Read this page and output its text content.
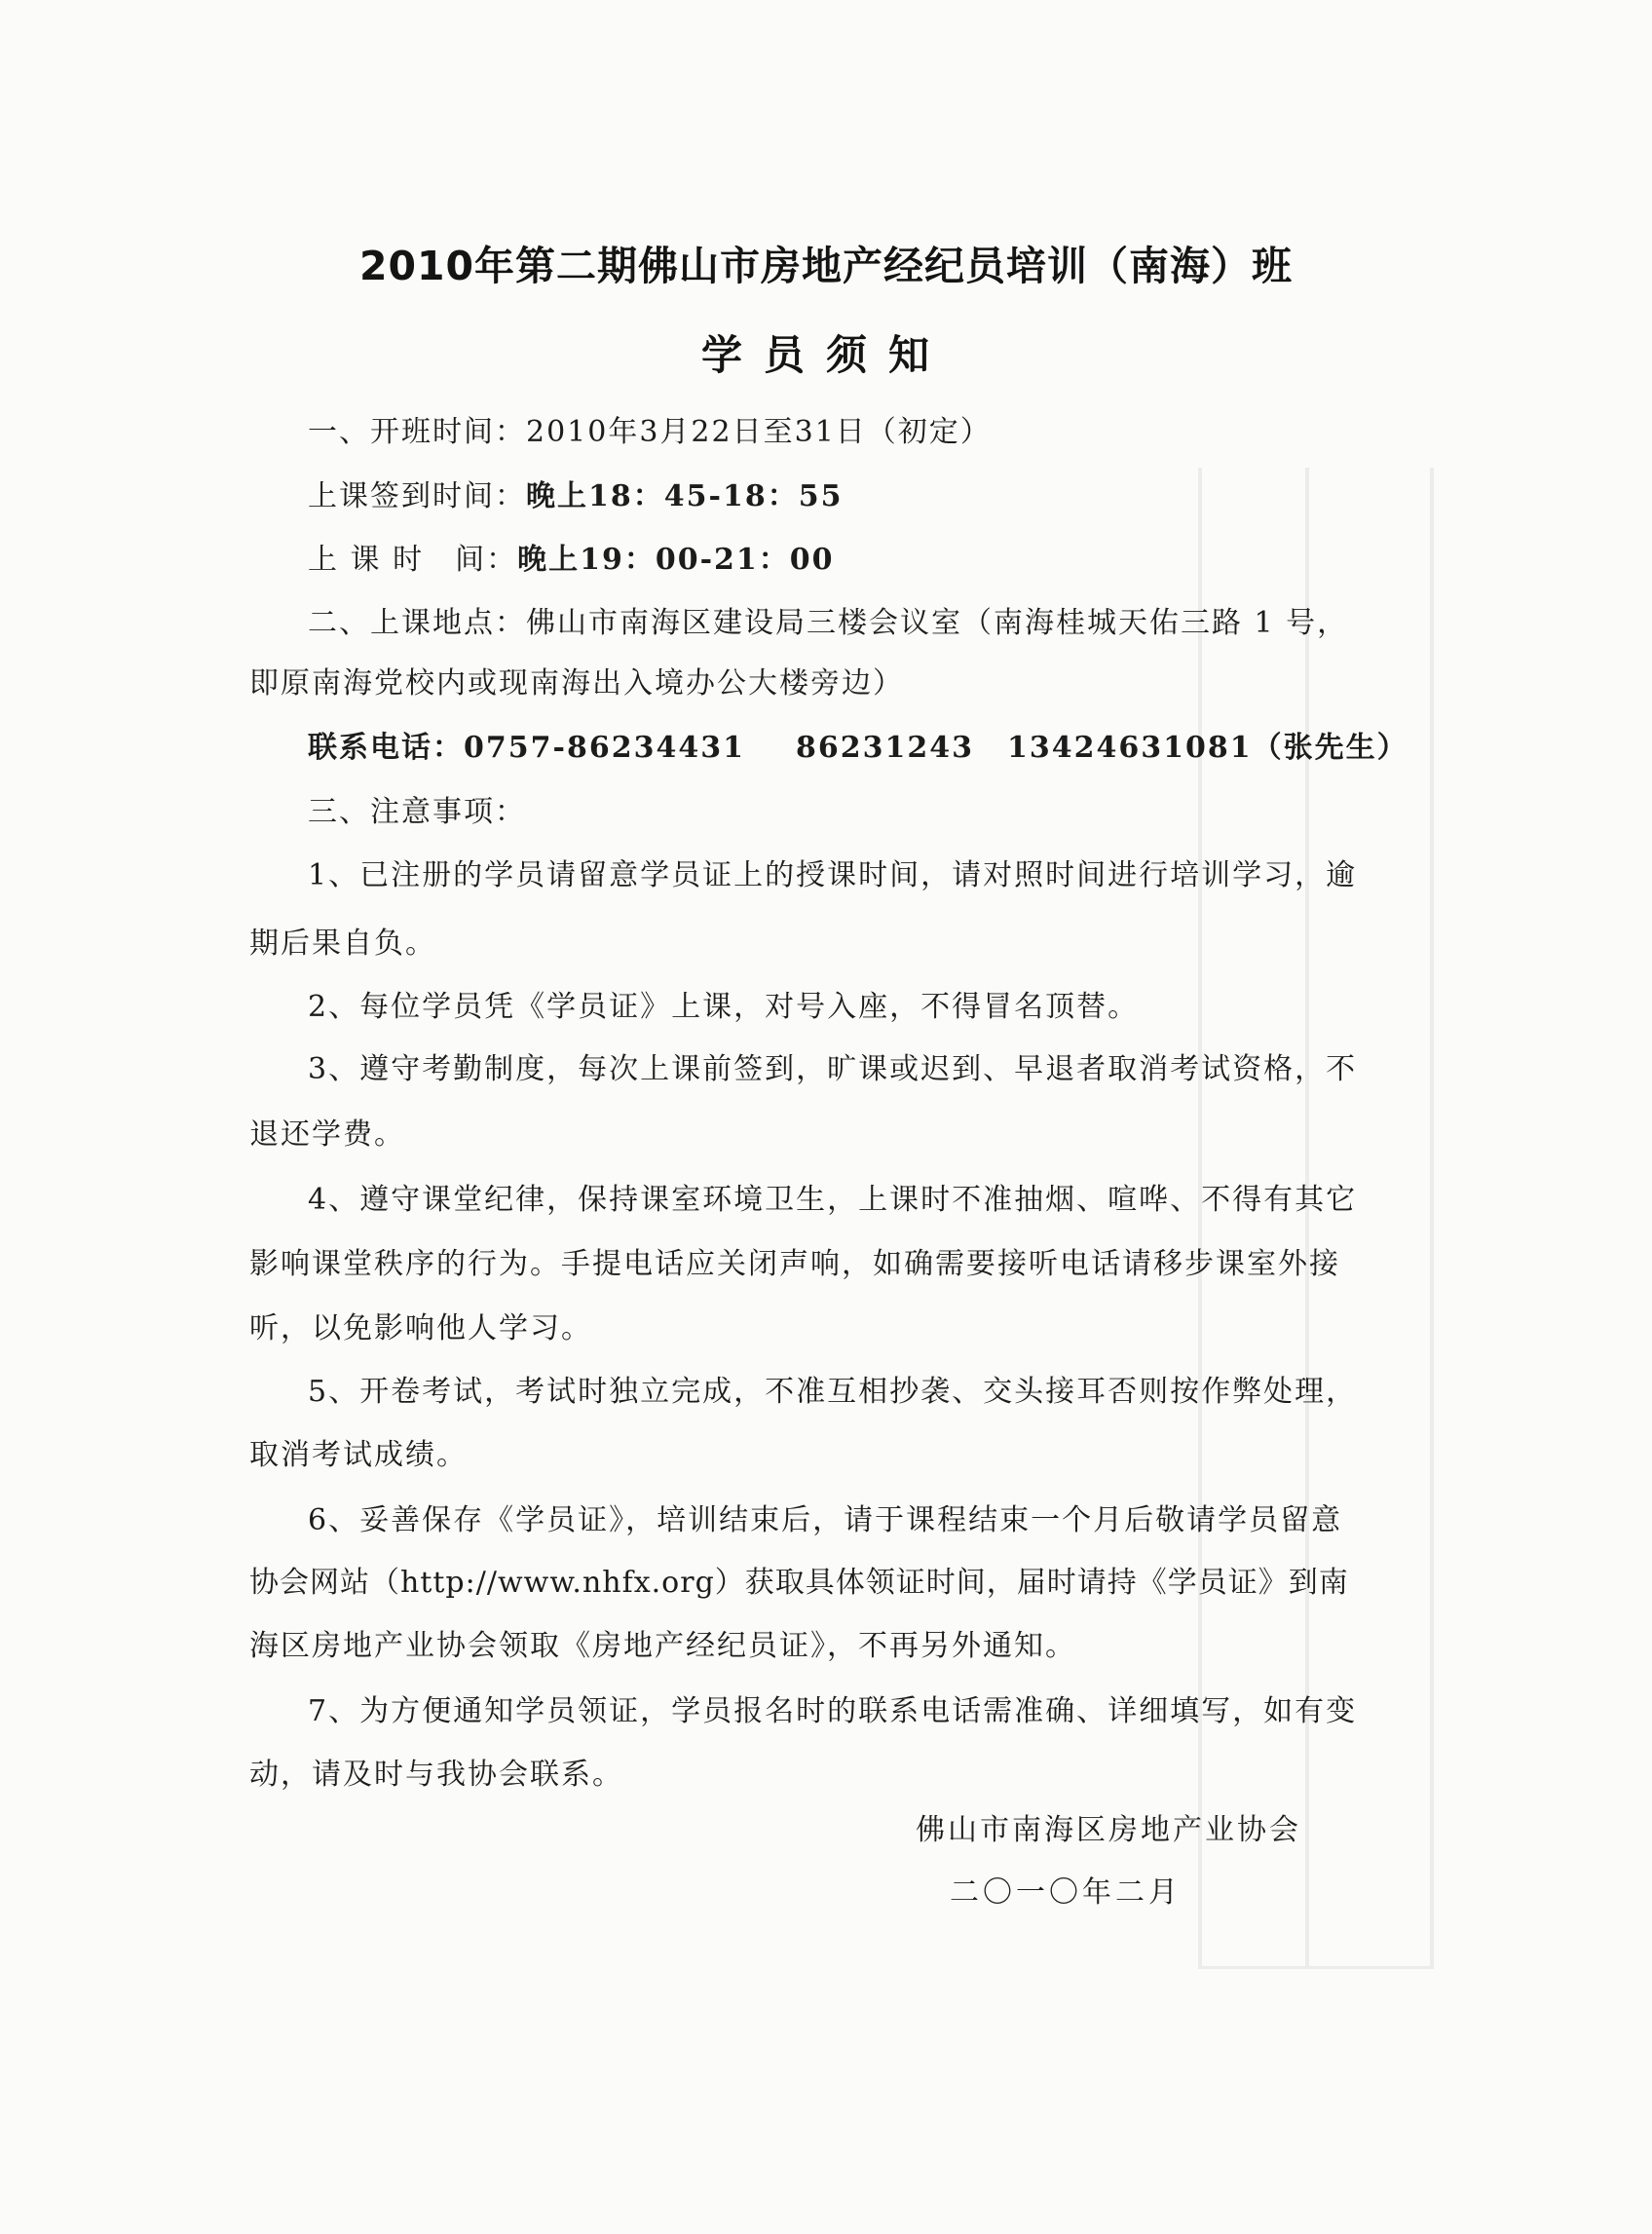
2010年第二期佛山市房地产经纪员培训（南海）班
学员须知
一、开班时间：2010年3月22日至31日（初定）
上课签到时间：晚上18：45-18：55
上 课 时　间：晚上19：00-21：00
二、上课地点：佛山市南海区建设局三楼会议室（南海桂城天佑三路 1 号，
即原南海党校内或现南海出入境办公大楼旁边）
联系电话：0757-86234431 86231243 13424631081（张先生）
三、注意事项：
1、已注册的学员请留意学员证上的授课时间，请对照时间进行培训学习，逾
期后果自负。
2、每位学员凭《学员证》上课，对号入座，不得冒名顶替。
3、遵守考勤制度，每次上课前签到，旷课或迟到、早退者取消考试资格，不
退还学费。
4、遵守课堂纪律，保持课室环境卫生，上课时不准抽烟、喧哗、不得有其它
影响课堂秩序的行为。手提电话应关闭声响，如确需要接听电话请移步课室外接
听，以免影响他人学习。
5、开卷考试，考试时独立完成，不准互相抄袭、交头接耳否则按作弊处理，
取消考试成绩。
6、妥善保存《学员证》，培训结束后，请于课程结束一个月后敬请学员留意
协会网站（http://www.nhfx.org）获取具体领证时间，届时请持《学员证》到南
海区房地产业协会领取《房地产经纪员证》，不再另外通知。
7、为方便通知学员领证，学员报名时的联系电话需准确、详细填写，如有变
动，请及时与我协会联系。
佛山市南海区房地产业协会
二〇一〇年二月
